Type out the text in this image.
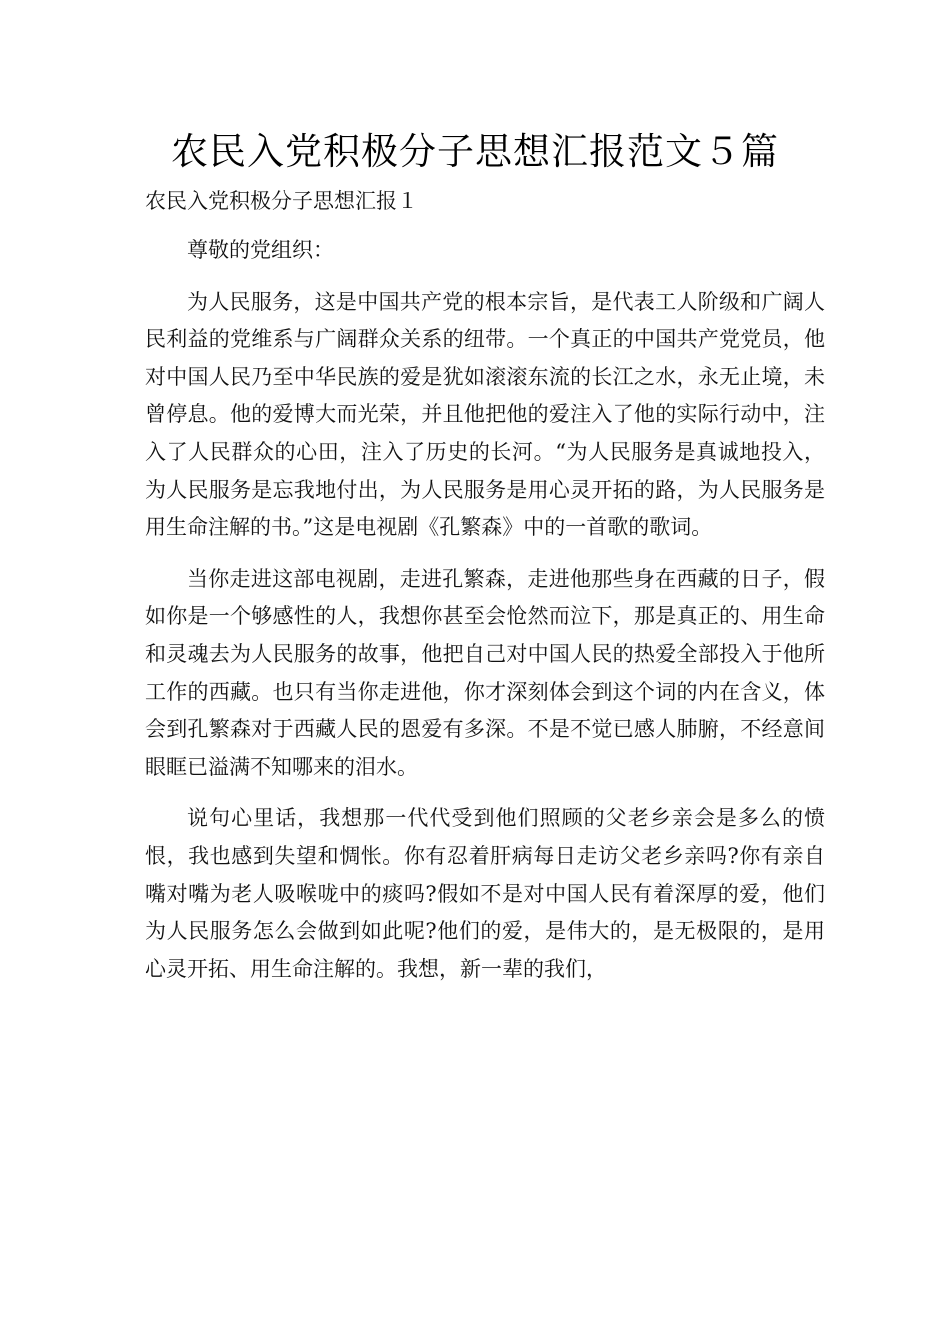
农民入党积极分子思想汇报范文５篇

农民入党积极分子思想汇报１

尊敬的党组织：

为人民服务，这是中国共产党的根本宗旨，是代表工人阶级和广阔人民利益的党维系与广阔群众关系的纽带。一个真正的中国共产党党员，他对中国人民乃至中华民族的爱是犹如滚滚东流的长江之水，永无止境，未曾停息。他的爱博大而光荣，并且他把他的爱注入了他的实际行动中，注入了人民群众的心田，注入了历史的长河。“为人民服务是真诚地投入，为人民服务是忘我地付出，为人民服务是用心灵开拓的路，为人民服务是用生命注解的书。”这是电视剧《孔繁森》中的一首歌的歌词。

当你走进这部电视剧，走进孔繁森，走进他那些身在西藏的日子，假如你是一个够感性的人，我想你甚至会怆然而泣下，那是真正的、用生命和灵魂去为人民服务的故事，他把自己对中国人民的热爱全部投入于他所工作的西藏。也只有当你走进他，你才深刻体会到这个词的内在含义，体会到孔繁森对于西藏人民的恩爱有多深。不是不觉已感人肺腑，不经意间眼眶已溢满不知哪来的泪水。

说句心里话，我想那一代代受到他们照顾的父老乡亲会是多么的愤恨，我也感到失望和惆怅。你有忍着肝病每日走访父老乡亲吗?你有亲自嘴对嘴为老人吸喉咙中的痰吗?假如不是对中国人民有着深厚的爱，他们为人民服务怎么会做到如此呢?他们的爱，是伟大的，是无极限的，是用心灵开拓、用生命注解的。我想，新一辈的我们，
